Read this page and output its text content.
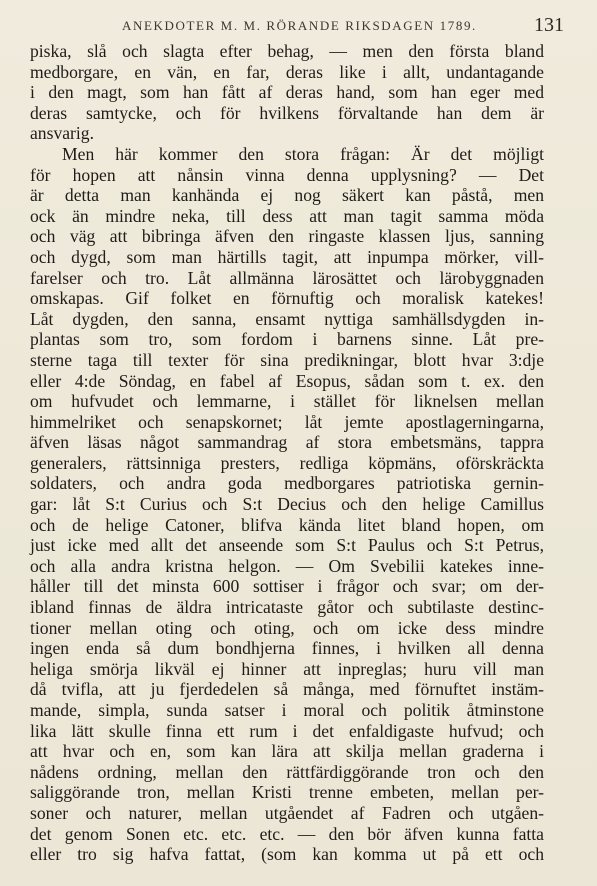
ANEKDOTER M. M. RÖRANDE RIKSDAGEN 1789.	131
piska, slå och slagta efter behag, — men den första bland
medborgare, en vän, en far, deras like i allt, undantagande
i den magt, som han fått af deras hand, som han eger med
deras samtycke, och för hvilkens förvaltande han dem är
ansvarig.
Men här kommer den stora frågan: Är det möjligt
för hopen att nånsin vinna denna upplysning? — Det
är detta man kanhända ej nog säkert kan påstå, men
ock än mindre neka, till dess att man tagit samma möda
och väg att bibringa äfven den ringaste klassen ljus, sanning
och dygd, som man härtills tagit, att inpumpa mörker, vill-
farelser och tro. Låt allmänna lärosättet och lärobyggnaden
omskapas. Gif folket en förnuftig och moralisk katekes!
Låt dygden, den sanna, ensamt nyttiga samhällsdygden in-
plantas som tro, som fordom i barnens sinne. Låt pre-
sterne taga till texter för sina predikningar, blott hvar 3:dje
eller 4:de Söndag, en fabel af Esopus, sådan som t. ex. den
om hufvudet och lemmarne, i stället för liknelsen mellan
himmelriket och senapskornet; låt jemte apostlagerningarna,
äfven läsas något sammandrag af stora embetsmäns, tappra
generalers, rättsinniga presters, redliga köpmäns, oförskräckta
soldaters, och andra goda medborgares patriotiska gernin-
gar: låt S:t Curius och S:t Decius och den helige Camillus
och de helige Catoner, blifva kända litet bland hopen, om
just icke med allt det anseende som S:t Paulus och S:t Petrus,
och alla andra kristna helgon. — Om Svebilii katekes inne-
håller till det minsta 600 sottiser i frågor och svar; om der-
ibland finnas de äldra intricataste gåtor och subtilaste destinc-
tioner mellan oting och oting, och om icke dess mindre
ingen enda så dum bondhjerna finnes, i hvilken all denna
heliga smörja likväl ej hinner att inpreglas; huru vill man
då tvifla, att ju fjerdedelen så många, med förnuftet instäm-
mande, simpla, sunda satser i moral och politik åtminstone
lika lätt skulle finna ett rum i det enfaldigaste hufvud; och
att hvar och en, som kan lära att skilja mellan graderna i
nådens ordning, mellan den rättfärdiggörande tron och den
saliggörande tron, mellan Kristi trenne embeten, mellan per-
soner och naturer, mellan utgåendet af Fadren och utgåen-
det genom Sonen etc. etc. etc. — den bör äfven kunna fatta
eller tro sig hafva fattat, (som kan komma ut på ett och
